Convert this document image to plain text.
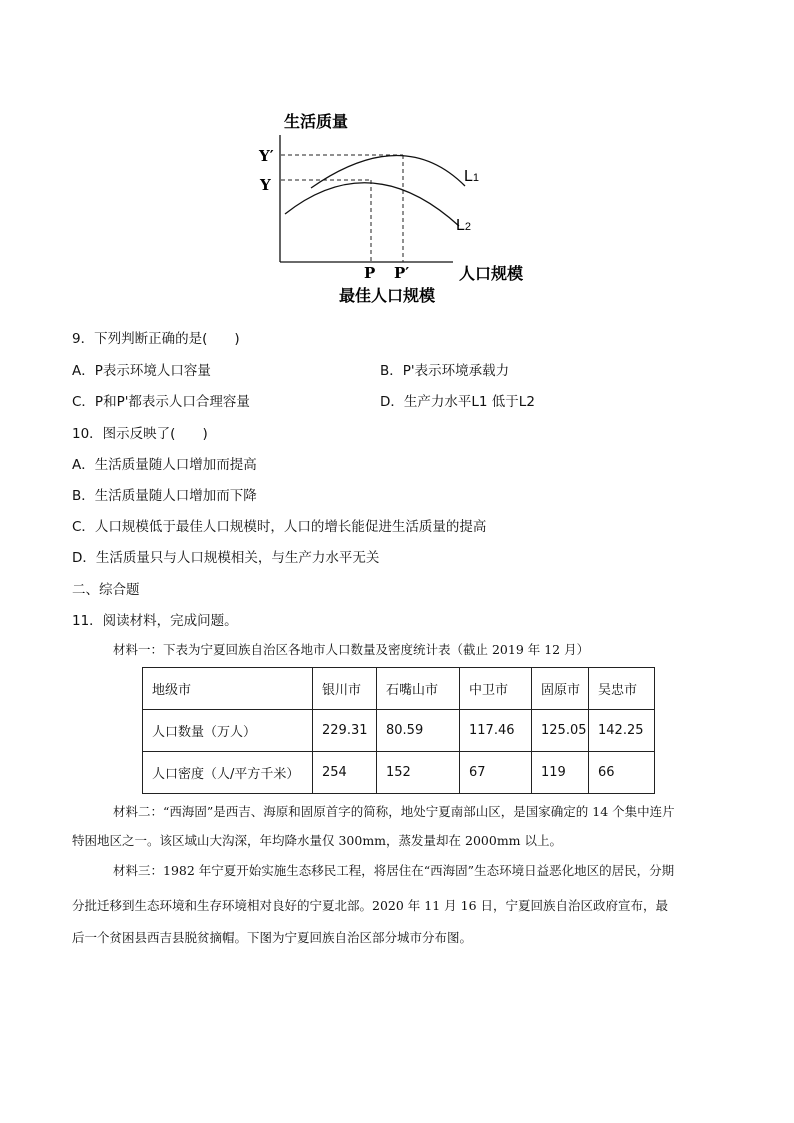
生活质量
Y′
Y
P P′	人口规模
最佳人口规模
L1
L2
9．下列判断正确的是(　　)
A．P表示环境人口容量	B．P'表示环境承载力
C．P和P'都表示人口合理容量	D．生产力水平L1 低于L2
10．图示反映了(　　)
A．生活质量随人口增加而提高
B．生活质量随人口增加而下降
C．人口规模低于最佳人口规模时，人口的增长能促进生活质量的提高
D．生活质量只与人口规模相关，与生产力水平无关
二、综合题
11．阅读材料，完成问题。
材料一：下表为宁夏回族自治区各地市人口数量及密度统计表（截止 2019 年 12 月）
地级市	银川市	石嘴山市	中卫市	固原市	吴忠市
人口数量（万人）	229.31	80.59	117.46	125.05	142.25
人口密度（人/平方千米）	254	152	67	119	66
材料二：“西海固”是西吉、海原和固原首字的简称，地处宁夏南部山区，是国家确定的 14 个集中连片
特困地区之一。该区域山大沟深，年均降水量仅 300mm，蒸发量却在 2000mm 以上。
材料三：1982 年宁夏开始实施生态移民工程，将居住在“西海固”生态环境日益恶化地区的居民，分期
分批迁移到生态环境和生存环境相对良好的宁夏北部。2020 年 11 月 16 日，宁夏回族自治区政府宣布，最
后一个贫困县西吉县脱贫摘帽。下图为宁夏回族自治区部分城市分布图。
